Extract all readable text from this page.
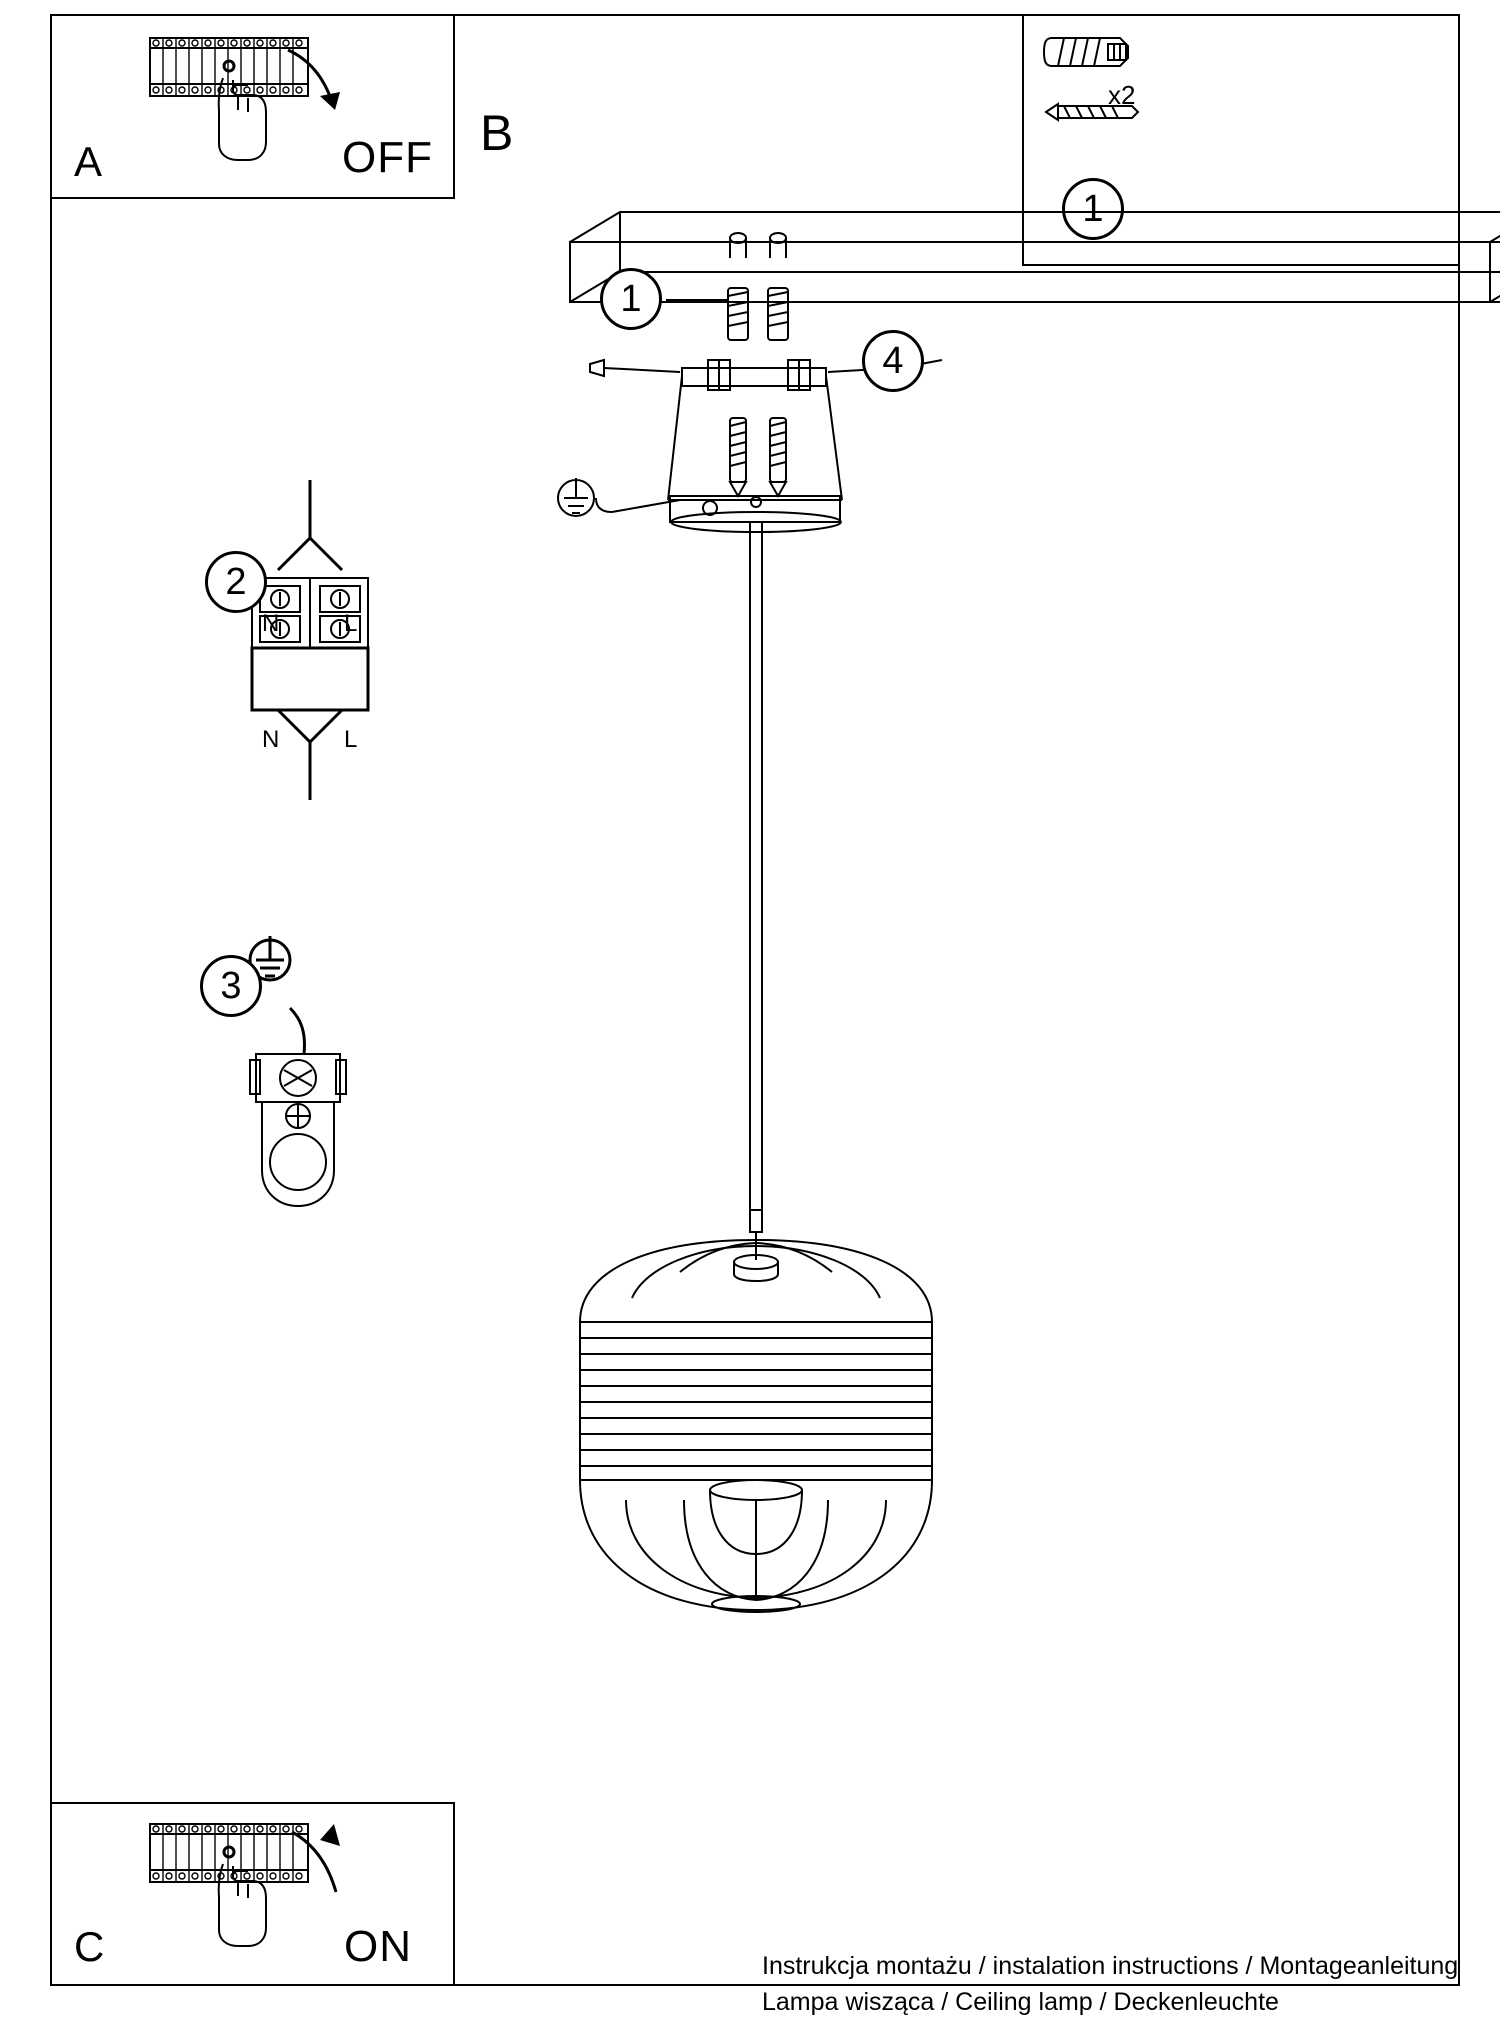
A	OFF
x2
1
B
C	ON
2
N	L
N	L
3
1
4
Instrukcja montażu / instalation instructions / Montageanleitung
Lampa wisząca / Ceiling lamp / Deckenleuchte
